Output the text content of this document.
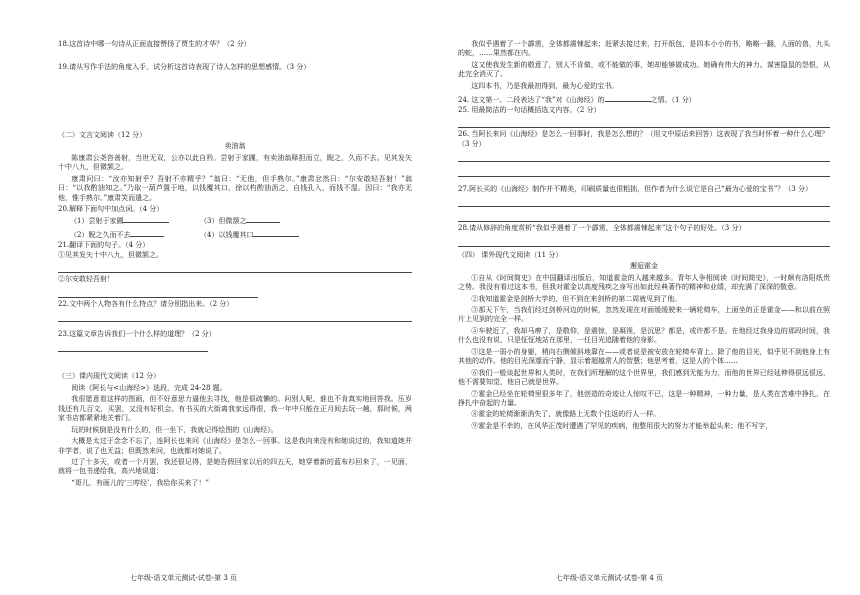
18.这首诗中哪一句诗从正面直接赞扬了贾生的才华？（2 分）

19.请从写作手法的角度入手，试分析这首诗表现了诗人怎样的思想感情。（3 分）

（二）文言文阅读（12 分）

卖油翁

陈康肃公尧咨善射，当世无双，公亦以此自矜。尝射于家圃，有卖油翁释担而立，睨之，久而不去。见其发矢十中八九，但微颔之。

康肃问曰：“汝亦知射乎？吾射不亦精乎？”翁曰：“无他，但手熟尔。”康肃忿然曰：“尔安敢轻吾射！”翁曰：“以我酌油知之。”乃取一葫芦置于地，以钱覆其口，徐以杓酌油沥之，自钱孔入，而钱不湿。因曰：“我亦无他，惟手熟尔。”康肃笑而遣之。

20.解释下面句中加点词。（4 分）

（1）尝射于家圃	（3）但微颔之
（2）睨之久而不去	（4）以钱覆其口

21.翻译下面的句子。（4 分）

①见其发矢十中八九，但微颔之。

②尔安敢轻吾射！

22.文中两个人物各有什么特点？请分别指出来。（2 分）

23.这篇文章告诉我们一个什么样的道理？（2 分）

（三）课内现代文阅读（12 分）

阅读《阿长与<山海经>》选段，完成 24-28 题。

我很愿意看这样的图画，但不好意思力逼他去寻找，他是很疏懒的。问别人呢，谁也不肯真实地回答我。压岁钱还有几百文，买罢，又没有好机会。有书买的大街离我家远得很，我一年中只能在正月间去玩一趟，那时候，两家书店都紧紧地关着门。

玩的时候倒是没有什么的，但一坐下，我就记得绘图的《山海经》。

大概是太过于念念不忘了，连阿长也来问《山海经》是怎么一回事。这是我向来没有和她说过的，我知道她并非学者，说了也无益；但既然来问，也就都对她说了。

过了十多天，或者一个月罢，我还很记得，是她告假回家以后的四五天，她穿着新的蓝布衫回来了，一见面，就将一包书递给我，高兴地说道：

“哥儿，有画儿的‘三哼经’，我给你买来了！”

七年级-语文单元测试-试卷-第 3 页

我似乎遇着了一个霹雳，全体都震悚起来；赶紧去接过来，打开纸包，是四本小小的书，略略一翻，人面的兽，九头的蛇，……果然都在内。

这又使我发生新的敬意了，别人不肯做，或不能做的事，她却能够做成功。她确有伟大的神力。谋害隐鼠的怨恨，从此完全消灭了。

这四本书，乃是我最初得到，最为心爱的宝书。

24. 这文第一、二段表达了“我”对《山海经》的	之情。（1 分）

25. 用最简洁的一句话概括选文内容。（2 分）

26. 当阿长来问《山海经》是怎么一回事时，我是怎么想的？（用文中原话来回答）这表现了我当时怀着一种什么心理？（3 分）

27.阿长买的《山海经》制作并不精美，印刷质量也很粗拙，但作者为什么说它是自己“最为心爱的宝书”？（3 分）

28.请从修辞的角度赏析“我似乎遇着了一个霹雳，全体都震悚起来”这个句子的好处。（3 分）

（四） 课外现代文阅读（11 分）

邂逅霍金

①自从《时间简史》在中国翻译出版后，知道霍金的人越来越多。青年人争相阅读《时间简史》，一时颇有洛阳纸贵之势。我没有看过这本书，但我对霍金以高度残疾之身写出如此经典著作的精神和业绩，却充满了深深的敬意。

②我知道霍金是剑桥大学的，但不到在来剑桥的第二周就见到了他。

③那天下午，当我们经过剑桥河边的时候，忽然发现在对面缓缓驶来一辆轮椅车，上面坐的正是霍金——和以前在照片上见到的完全一样。

④车驶近了，我却马痹了，是敬仰，是震惊，是凝视，是沉思？都是，或许都不是。在他经过我身边的那段时间，我什么也没有说，只是怔怔地站在那里，一任目光追随着他的身影。

⑤这是一弱小的身躯，稍向右侧倾斜地靠在——或者说是被安放在轮椅车背上。除了他的目光，似乎见不到他身上有其他的动作。他的目光深邃而宁静，显示着超越常人的智慧；他思考着，这是人的个体……

⑥我们一般谈起世界和人类时，在我们所理解的这个世界里，我们感到无能为力，而他的世界已经延伸得很远很远，他不需要知觉，他自己就是世界。

⑦霍金已经坐在轮椅里很多年了，他创造的奇迹让人惊叹不已，这是一种精神，一种力量，是人类在苦难中挣扎、在挣扎中奋起的力量。

⑧霍金的轮椅渐渐消失了，就像路上无数个往返的行人一样。

⑨霍金是不幸的，在风华正茂时遭遇了罕见的疾病，他整用很大的努力才能举起头来；他不写字，

七年级-语文单元测试-试卷-第 4 页
